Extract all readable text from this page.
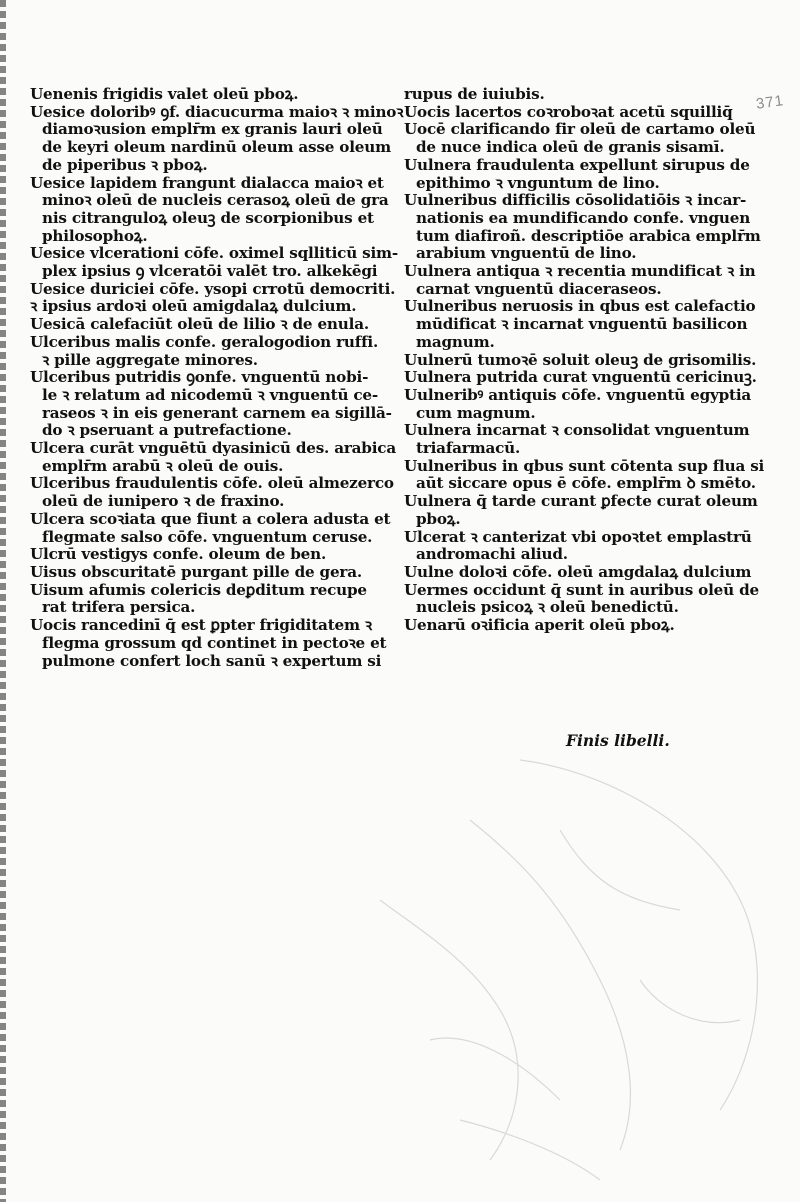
371
Uenenis frigidis valet oleū pboꝝ.
Uesice doloribꝰ ꝯf. diacucurma maioꝛ ꝛ minoꝛ
diamoꝛusion emplr̄m ex granis lauri oleū
de keyri oleum nardinū oleum asse oleum
de piperibus ꝛ pboꝝ.
Uesice lapidem frangunt dialacca maioꝛ et
minoꝛ oleū de nucleis cerasoꝝ oleū de gra
nis citranguloꝝ oleuꝫ de scorpionibus et
philosophoꝝ.
Uesice vlcerationi cōfe. oximel sqlliticū sim-
plex ipsius ꝯ vlceratōi valēt tro. alkekēgi
Uesice duriciei cōfe. ysopi crrotū democriti.
ꝛ ipsius ardoꝛi oleū amigdalaꝝ dulcium.
Uesicā calefaciūt oleū de lilio ꝛ de enula.
Ulceribus malis confe. geralogodion ruffi.
ꝛ pille aggregate minores.
Ulceribus putridis ꝯonfe. vnguentū nobi-
le ꝛ relatum ad nicodemū ꝛ vnguentū ce-
raseos ꝛ in eis generant carnem ea sigillā-
do ꝛ pseruant a putrefactione.
Ulcera curāt vnguētū dyasinicū des. arabica
emplr̄m arabū ꝛ oleū de ouis.
Ulceribus fraudulentis cōfe. oleū almezerco
oleū de iunipero ꝛ de fraxino.
Ulcera scoꝛiata que fiunt a colera adusta et
flegmate salso cōfe. vnguentum ceruse.
Ulcrū vestigys confe. oleum de ben.
Uisus obscuritatē purgant pille de gera.
Uisum afumis colericis deꝑditum recupe
rat trifera persica.
Uocis rancedinī q̄ est ꝑpter frigiditatem ꝛ
flegma grossum qd continet in pectoꝛe et
pulmone confert loch sanū ꝛ expertum si
rupus de iuiubis.
Uocis lacertos coꝛroboꝛat acetū squilliq̄
Uocē clarificando fir oleū de cartamo oleū
de nuce indica oleū de granis sisamī.
Uulnera fraudulenta expellunt sirupus de
epithimo ꝛ vnguntum de lino.
Uulneribus difficilis cōsolidatiōis ꝛ incar-
nationis ea mundificando confe. vnguen
tum diafiroñ. descriptiōe arabica emplr̄m
arabium vnguentū de lino.
Uulnera antiqua ꝛ recentia mundificat ꝛ in
carnat vnguentū diaceraseos.
Uulneribus neruosis in qbus est calefactio
mūdificat ꝛ incarnat vnguentū basilicon
magnum.
Uulnerū tumoꝛē soluit oleuꝫ de grisomilis.
Uulnera putrida curat vnguentū cericinuꝫ.
Uulneribꝰ antiquis cōfe. vnguentū egyptia
cum magnum.
Uulnera incarnat ꝛ consolidat vnguentum
triafarmacū.
Uulneribus in qbus sunt cōtenta sup flua si
aūt siccare opus ē cōfe. emplr̄m ꝺ smēto.
Uulnera q̄ tarde curant ꝑfecte curat oleum
pboꝝ.
Ulcerat ꝛ canterizat vbi opoꝛtet emplastrū
andromachi aliud.
Uulne doloꝛi cōfe. oleū amgdalaꝝ dulcium
Uermes occidunt q̄ sunt in auribus oleū de
nucleis psicoꝝ ꝛ oleū benedictū.
Uenarū oꝛificia aperit oleū pboꝝ.
Finis libelli.
